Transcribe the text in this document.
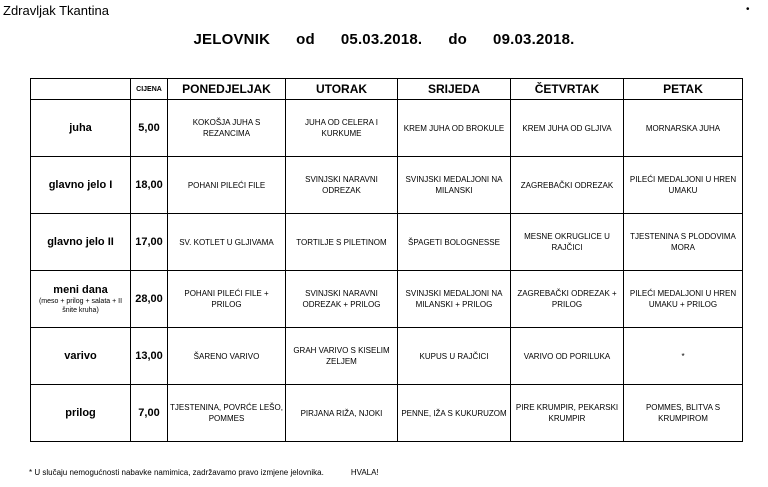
Zdravljak Tkantina	•
JELOVNIK od 05.03.2018. do 09.03.2018.
	CIJENA	PONEDJELJAK	UTORAK	SRIJEDA	ČETVRTAK	PETAK

juha	5,00	KOKOŠJA JUHA S REZANCIMA	JUHA OD CELERA I KURKUME	KREM JUHA OD BROKULE	KREM JUHA OD GLJIVA	MORNARSKA JUHA

glavno jelo I	18,00	POHANI PILEĆI FILE	SVINJSKI NARAVNI ODREZAK	SVINJSKI MEDALJONI NA MILANSKI	ZAGREBAČKI ODREZAK	PILEĆI MEDALJONI U HREN UMAKU

glavno jelo II	17,00	SV. KOTLET U GLJIVAMA	TORTILJE S PILETINOM	ŠPAGETI BOLOGNESSE	MESNE OKRUGLICE U RAJČICI	TJESTENINA S PLODOVIMA MORA

meni dana
(meso + prilog + salata + II šnite kruha)	28,00	POHANI PILEĆI FILE + PRILOG	SVINJSKI NARAVNI ODREZAK + PRILOG	SVINJSKI MEDALJONI NA MILANSKI + PRILOG	ZAGREBAČKI ODREZAK + PRILOG	PILEĆI MEDALJONI U HREN UMAKU + PRILOG

varivo	13,00	ŠARENO VARIVO	GRAH VARIVO S KISELIM ZELJEM	KUPUS U RAJČICI	VARIVO OD PORILUKA	*

prilog	7,00	TJESTENINA, POVRĆE LEŠO, POMMES	PIRJANA RIŽA, NJOKI	PENNE, IŽA S KUKURUZOM	PIRE KRUMPIR, PEKARSKI KRUMPIR	POMMES, BLITVA S KRUMPIROM
* U slučaju nemogućnosti nabavke namimica, zadržavamo pravo izmjene jelovnika.	HVALA!
